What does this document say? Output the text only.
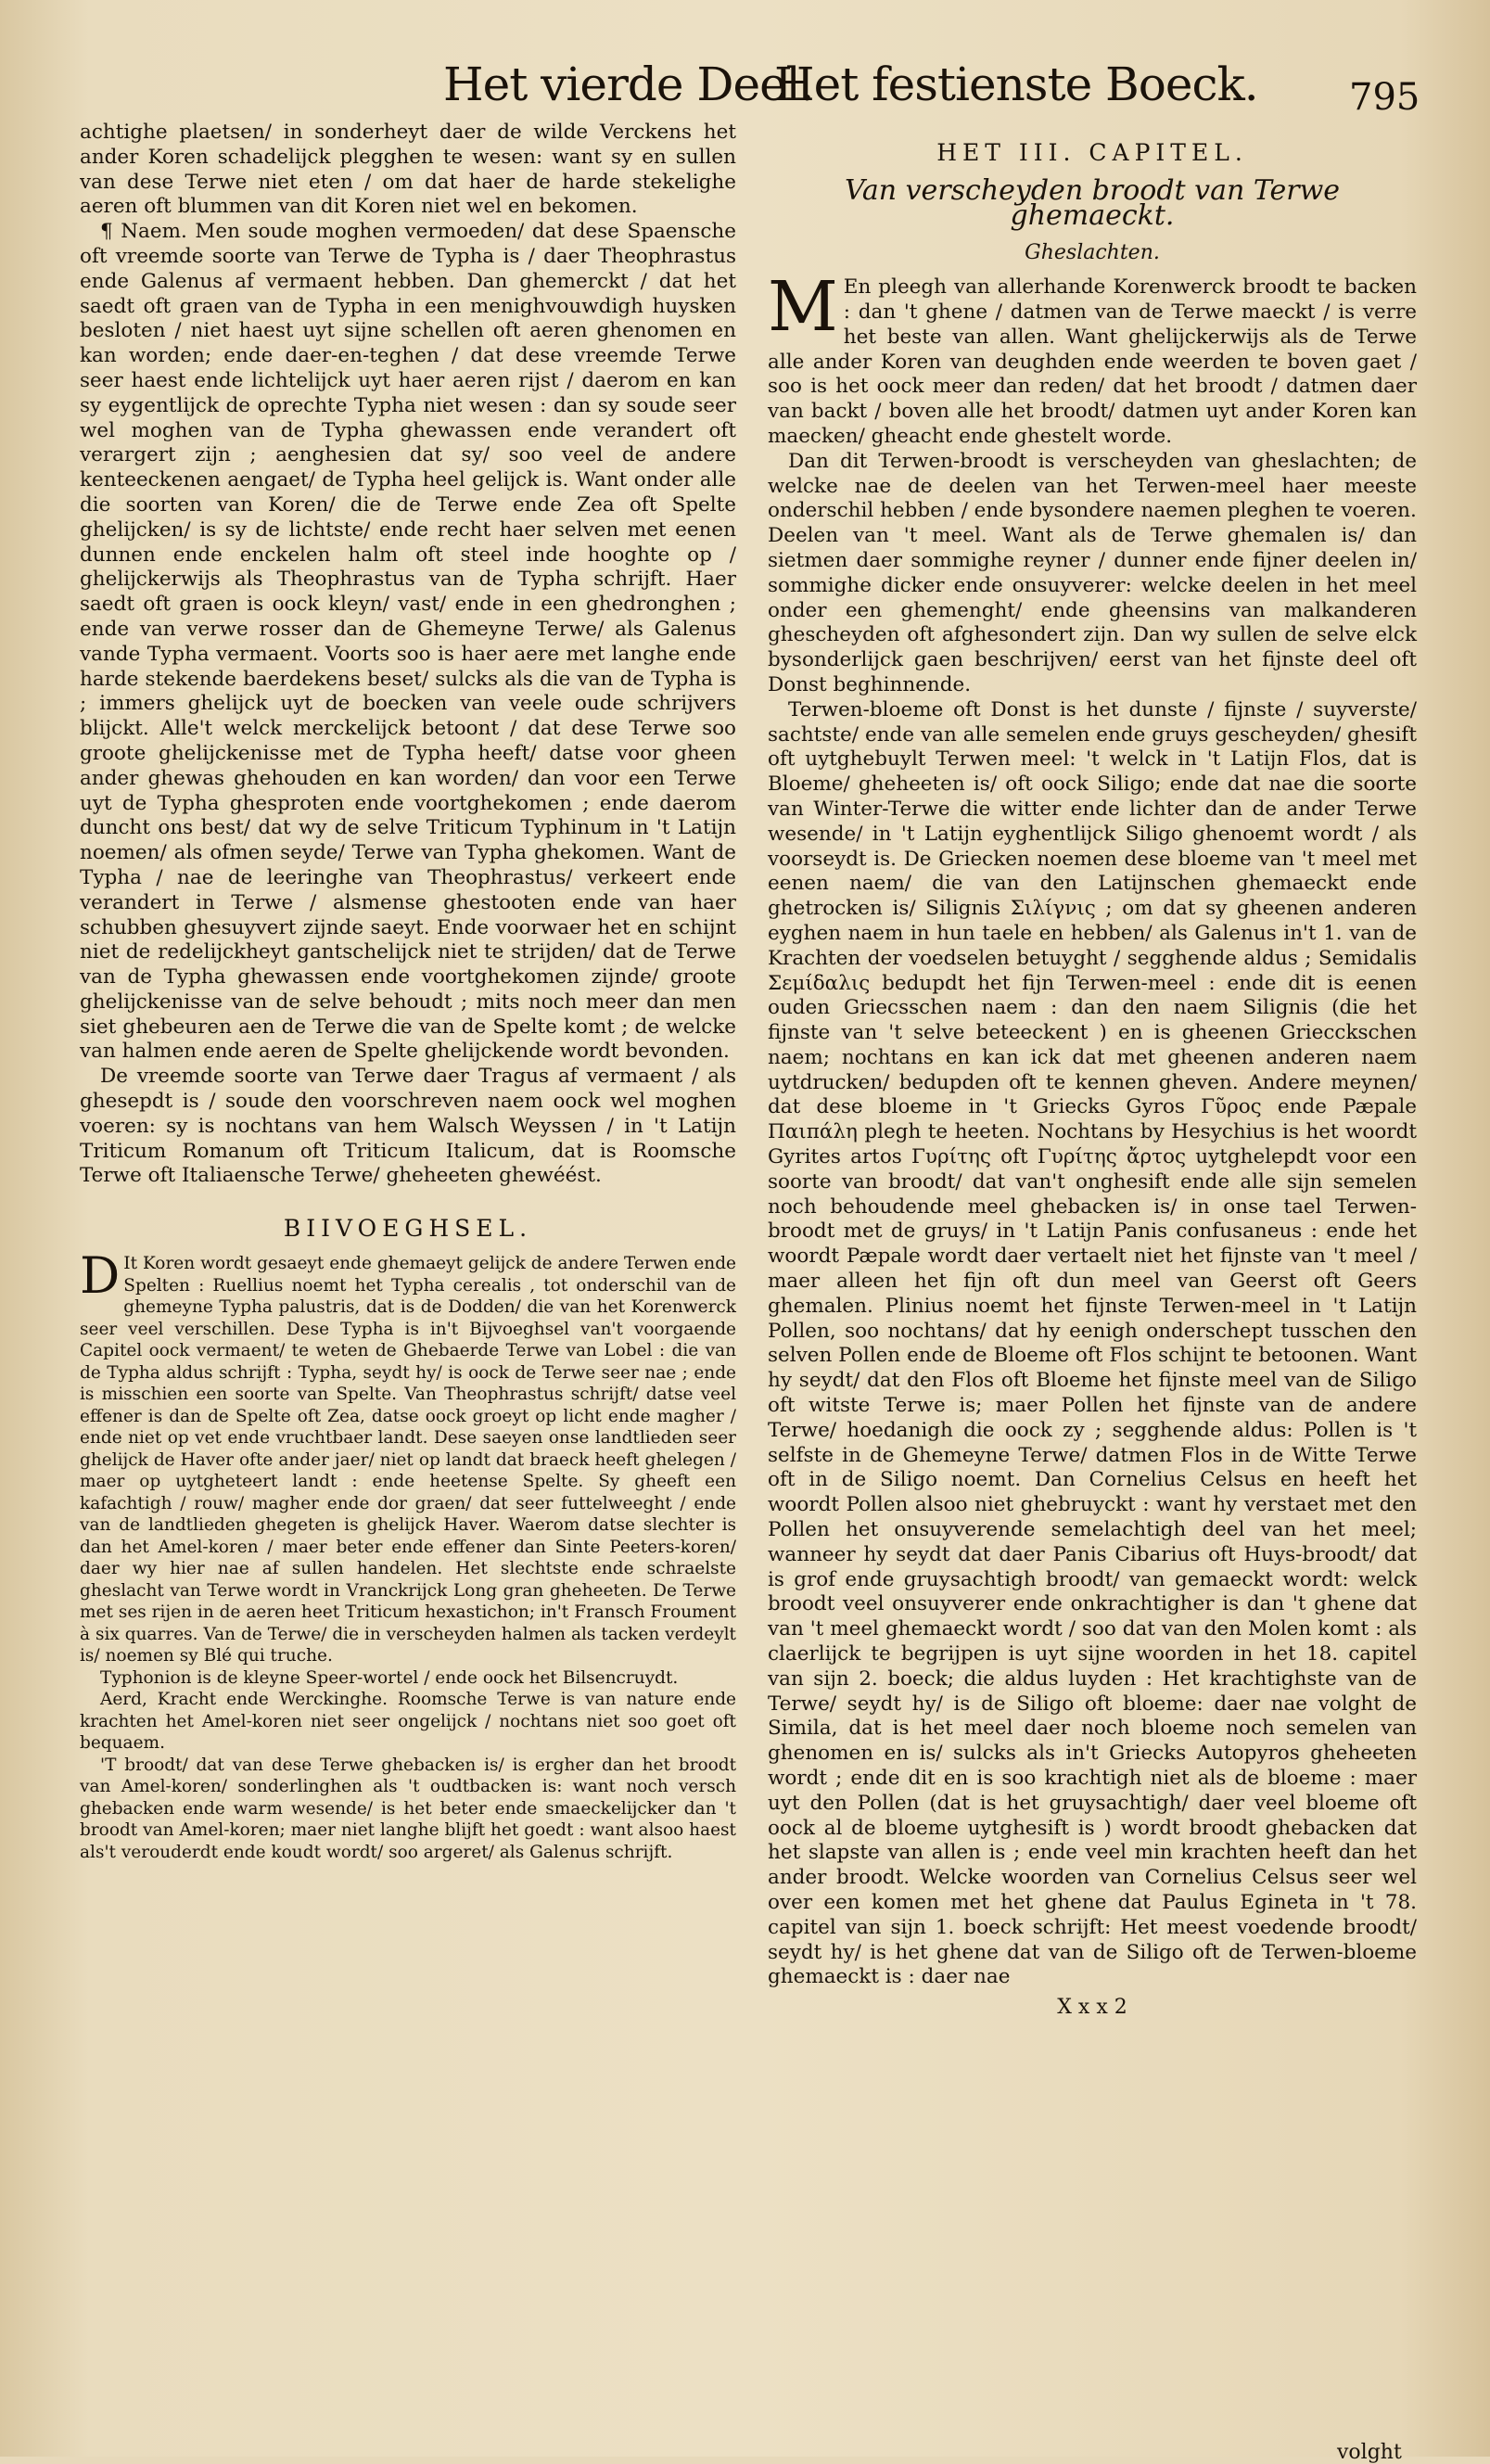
Het vierde Deel.
Het festienste Boeck. 795

achtighe plaetsen/ in sonderheyt daer de wilde Verckens het ander Koren schadelijck plegghen te wesen: want sy en sullen van dese Terwe niet eten / om dat haer de harde stekelighe aeren oft blummen van dit Koren niet wel en bekomen.

¶ Naem. Men soude moghen vermoeden/ dat dese Spaensche oft vreemde soorte van Terwe de Typha is / daer Theophrastus ende Galenus af vermaent hebben. Dan ghemerckt / dat het saedt oft graen van de Typha in een menighvouwdigh huysken besloten / niet haest uyt sijne schellen oft aeren ghenomen en kan worden; ende daer-en-teghen / dat dese vreemde Terwe seer haest ende lichtelijck uyt haer aeren rijst / daerom en kan sy eygentlijck de oprechte Typha niet wesen : dan sy soude seer wel moghen van de Typha ghewassen ende verandert oft verargert zijn ; aenghesien dat sy/ soo veel de andere kenteeckenen aengaet/ de Typha heel gelijck is. Want onder alle die soorten van Koren/ die de Terwe ende Zea oft Spelte ghelijcken/ is sy de lichtste/ ende recht haer selven met eenen dunnen ende enckelen halm oft steel inde hooghte op / ghelijckerwijs als Theophrastus van de Typha schrijft. Haer saedt oft graen is oock kleyn/ vast/ ende in een ghedronghen ; ende van verwe rosser dan de Ghemeyne Terwe/ als Galenus vande Typha vermaent. Voorts soo is haer aere met langhe ende harde stekende baerdekens beset/ sulcks als die van de Typha is ; immers ghelijck uyt de boecken van veele oude schrijvers blijckt. Alle't welck merckelijck betoont / dat dese Terwe soo groote ghelijckenisse met de Typha heeft/ datse voor gheen ander ghewas ghehouden en kan worden/ dan voor een Terwe uyt de Typha ghesproten ende voortghekomen ; ende daerom duncht ons best/ dat wy de selve Triticum Typhinum in 't Latijn noemen/ als ofmen seyde/ Terwe van Typha ghekomen. Want de Typha / nae de leeringhe van Theophrastus/ verkeert ende verandert in Terwe / alsmense ghestooten ende van haer schubben ghesuyvert zijnde saeyt. Ende voorwaer het en schijnt niet de redelijckheyt gantschelijck niet te strijden/ dat de Terwe van de Typha ghewassen ende voortghekomen zijnde/ groote ghelijckenisse van de selve behoudt ; mits noch meer dan men siet ghebeuren aen de Terwe die van de Spelte komt ; de welcke van halmen ende aeren de Spelte ghelijckende wordt bevonden.

De vreemde soorte van Terwe daer Tragus af vermaent / als ghesepdt is / soude den voorschreven naem oock wel moghen voeren: sy is nochtans van hem Walsch Weyssen / in 't Latijn Triticum Romanum oft Triticum Italicum, dat is Roomsche Terwe oft Italiaensche Terwe/ gheheeten ghewéést.

BIIVOEGHSEL.

D It Koren wordt gesaeyt ende ghemaeyt gelijck de andere Terwen ende Spelten : Ruellius noemt het Typha cerealis , tot onderschil van de ghemeyne Typha palustris, dat is de Dodden/ die van het Korenwerck seer veel verschillen. Dese Typha is in't Bijvoeghsel van't voorgaende Capitel oock vermaent/ te weten de Ghebaerde Terwe van Lobel : die van de Typha aldus schrijft : Typha, seydt hy/ is oock de Terwe seer nae ; ende is misschien een soorte van Spelte. Van Theophrastus schrijft/ datse veel effener is dan de Spelte oft Zea, datse oock groeyt op licht ende magher / ende niet op vet ende vruchtbaer landt. Dese saeyen onse landtlieden seer ghelijck de Haver ofte ander jaer/ niet op landt dat braeck heeft ghelegen / maer op uytgheteert landt : ende heetense Spelte. Sy gheeft een kafachtigh / rouw/ magher ende dor graen/ dat seer futtelweeght / ende van de landtlieden ghegeten is ghelijck Haver. Waerom datse slechter is dan het Amel-koren / maer beter ende effener dan Sinte Peeters-koren/ daer wy hier nae af sullen handelen. Het slechtste ende schraelste gheslacht van Terwe wordt in Vranckrijck Long gran gheheeten. De Terwe met ses rijen in de aeren heet Triticum hexastichon; in't Fransch Froument à six quarres. Van de Terwe/ die in verscheyden halmen als tacken verdeylt is/ noemen sy Blé qui truche.

Typhonion is de kleyne Speer-wortel / ende oock het Bilsencruydt.

Aerd, Kracht ende Werckinghe. Roomsche Terwe is van nature ende krachten het Amel-koren niet seer ongelijck / nochtans niet soo goet oft bequaem.

'T broodt/ dat van dese Terwe ghebacken is/ is ergher dan het broodt van Amel-koren/ sonderlinghen als 't oudtbacken is: want noch versch ghebacken ende warm wesende/ is het beter ende smaeckelijcker dan 't broodt van Amel-koren; maer niet langhe blijft het goedt : want alsoo haest als't verouderdt ende koudt wordt/ soo argeret/ als Galenus schrijft.

HET III. CAPITEL.

Van verscheyden broodt van Terwe ghemaeckt.

Gheslachten.

M En pleegh van allerhande Korenwerck broodt te backen : dan 't ghene / datmen van de Terwe maeckt / is verre het beste van allen. Want ghelijckerwijs als de Terwe alle ander Koren van deughden ende weerden te boven gaet / soo is het oock meer dan reden/ dat het broodt / datmen daer van backt / boven alle het broodt/ datmen uyt ander Koren kan maecken/ gheacht ende ghestelt worde.

Dan dit Terwen-broodt is verscheyden van gheslachten; de welcke nae de deelen van het Terwen-meel haer meeste onderschil hebben / ende bysondere naemen pleghen te voeren.

Deelen van 't meel. Want als de Terwe ghemalen is/ dan sietmen daer sommighe reyner / dunner ende fijner deelen in/ sommighe dicker ende onsuyverer: welcke deelen in het meel onder een ghemenght/ ende gheensins van malkanderen ghescheyden oft afghesondert zijn. Dan wy sullen de selve elck bysonderlijck gaen beschrijven/ eerst van het fijnste deel oft Donst beghinnende.

Terwen-bloeme oft Donst is het dunste / fijnste / suyverste/ sachtste/ ende van alle semelen ende gruys gescheyden/ ghesift oft uytghebuylt Terwen meel: 't welck in 't Latijn Flos, dat is Bloeme/ gheheeten is/ oft oock Siligo; ende dat nae die soorte van Winter-Terwe die witter ende lichter dan de ander Terwe wesende/ in 't Latijn eyghentlijck Siligo ghenoemt wordt / als voorseydt is. De Griecken noemen dese bloeme van 't meel met eenen naem/ die van den Latijnschen ghemaeckt ende ghetrocken is/ Silignis Σιλίγνις ; om dat sy gheenen anderen eyghen naem in hun taele en hebben/ als Galenus in't 1. van de Krachten der voedselen betuyght / segghende aldus ; Semidalis Σεμίδαλις bedupdt het fijn Terwen-meel : ende dit is eenen ouden Griecsschen naem : dan den naem Silignis (die het fijnste van 't selve beteeckent ) en is gheenen Griecckschen naem; nochtans en kan ick dat met gheenen anderen naem uytdrucken/ bedupden oft te kennen gheven. Andere meynen/ dat dese bloeme in 't Griecks Gyros Γῦρος ende Pæpale Παιπάλη plegh te heeten. Nochtans by Hesychius is het woordt Gyrites artos Γυρίτης oft Γυρίτης ἄρτος uytghelepdt voor een soorte van broodt/ dat van't onghesift ende alle sijn semelen noch behoudende meel ghebacken is/ in onse tael Terwen-broodt met de gruys/ in 't Latijn Panis confusaneus : ende het woordt Pæpale wordt daer vertaelt niet het fijnste van 't meel / maer alleen het fijn oft dun meel van Geerst oft Geers ghemalen. Plinius noemt het fijnste Terwen-meel in 't Latijn Pollen, soo nochtans/ dat hy eenigh onderschept tusschen den selven Pollen ende de Bloeme oft Flos schijnt te betoonen. Want hy seydt/ dat den Flos oft Bloeme het fijnste meel van de Siligo oft witste Terwe is; maer Pollen het fijnste van de andere Terwe/ hoedanigh die oock zy ; segghende aldus: Pollen is 't selfste in de Ghemeyne Terwe/ datmen Flos in de Witte Terwe oft in de Siligo noemt. Dan Cornelius Celsus en heeft het woordt Pollen alsoo niet ghebruyckt : want hy verstaet met den Pollen het onsuyverende semelachtigh deel van het meel; wanneer hy seydt dat daer Panis Cibarius oft Huys-broodt/ dat is grof ende gruysachtigh broodt/ van gemaeckt wordt: welck broodt veel onsuyverer ende onkrachtigher is dan 't ghene dat van 't meel ghemaeckt wordt / soo dat van den Molen komt : als claerlijck te begrijpen is uyt sijne woorden in het 18. capitel van sijn 2. boeck; die aldus luyden : Het krachtighste van de Terwe/ seydt hy/ is de Siligo oft bloeme: daer nae volght de Simila, dat is het meel daer noch bloeme noch semelen van ghenomen en is/ sulcks als in't Griecks Autopyros gheheeten wordt ; ende dit en is soo krachtigh niet als de bloeme : maer uyt den Pollen (dat is het gruysachtigh/ daer veel bloeme oft oock al de bloeme uytghesift is ) wordt broodt ghebacken dat het slapste van allen is ; ende veel min krachten heeft dan het ander broodt. Welcke woorden van Cornelius Celsus seer wel over een komen met het ghene dat Paulus Egineta in 't 78. capitel van sijn 1. boeck schrijft: Het meest voedende broodt/ seydt hy/ is het ghene dat van de Siligo oft de Terwen-bloeme ghemaeckt is : daer nae

X x x 2

volght
